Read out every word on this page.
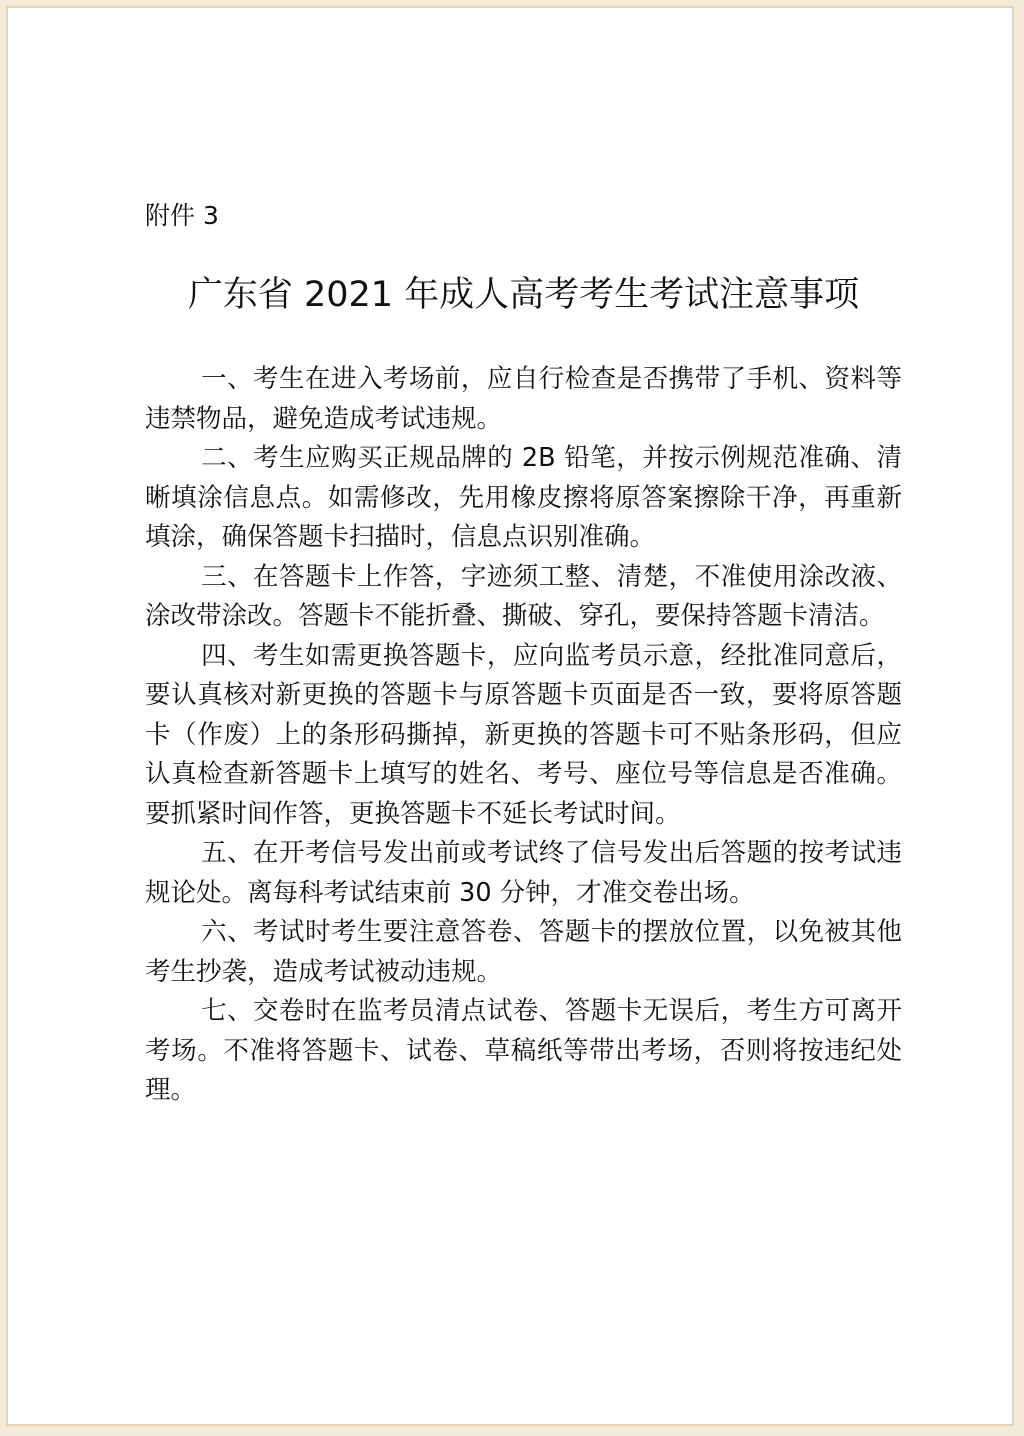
附件 3

广东省 2021 年成人高考考生考试注意事项

一、考生在进入考场前，应自行检查是否携带了手机、资料等违禁物品，避免造成考试违规。

二、考生应购买正规品牌的 2B 铅笔，并按示例规范准确、清晰填涂信息点。如需修改，先用橡皮擦将原答案擦除干净，再重新填涂，确保答题卡扫描时，信息点识别准确。

三、在答题卡上作答，字迹须工整、清楚，不准使用涂改液、涂改带涂改。答题卡不能折叠、撕破、穿孔，要保持答题卡清洁。

四、考生如需更换答题卡，应向监考员示意，经批准同意后，要认真核对新更换的答题卡与原答题卡页面是否一致，要将原答题卡（作废）上的条形码撕掉，新更换的答题卡可不贴条形码，但应认真检查新答题卡上填写的姓名、考号、座位号等信息是否准确。要抓紧时间作答，更换答题卡不延长考试时间。

五、在开考信号发出前或考试终了信号发出后答题的按考试违规论处。离每科考试结束前 30 分钟，才准交卷出场。

六、考试时考生要注意答卷、答题卡的摆放位置，以免被其他考生抄袭，造成考试被动违规。

七、交卷时在监考员清点试卷、答题卡无误后，考生方可离开考场。不准将答题卡、试卷、草稿纸等带出考场，否则将按违纪处理。
